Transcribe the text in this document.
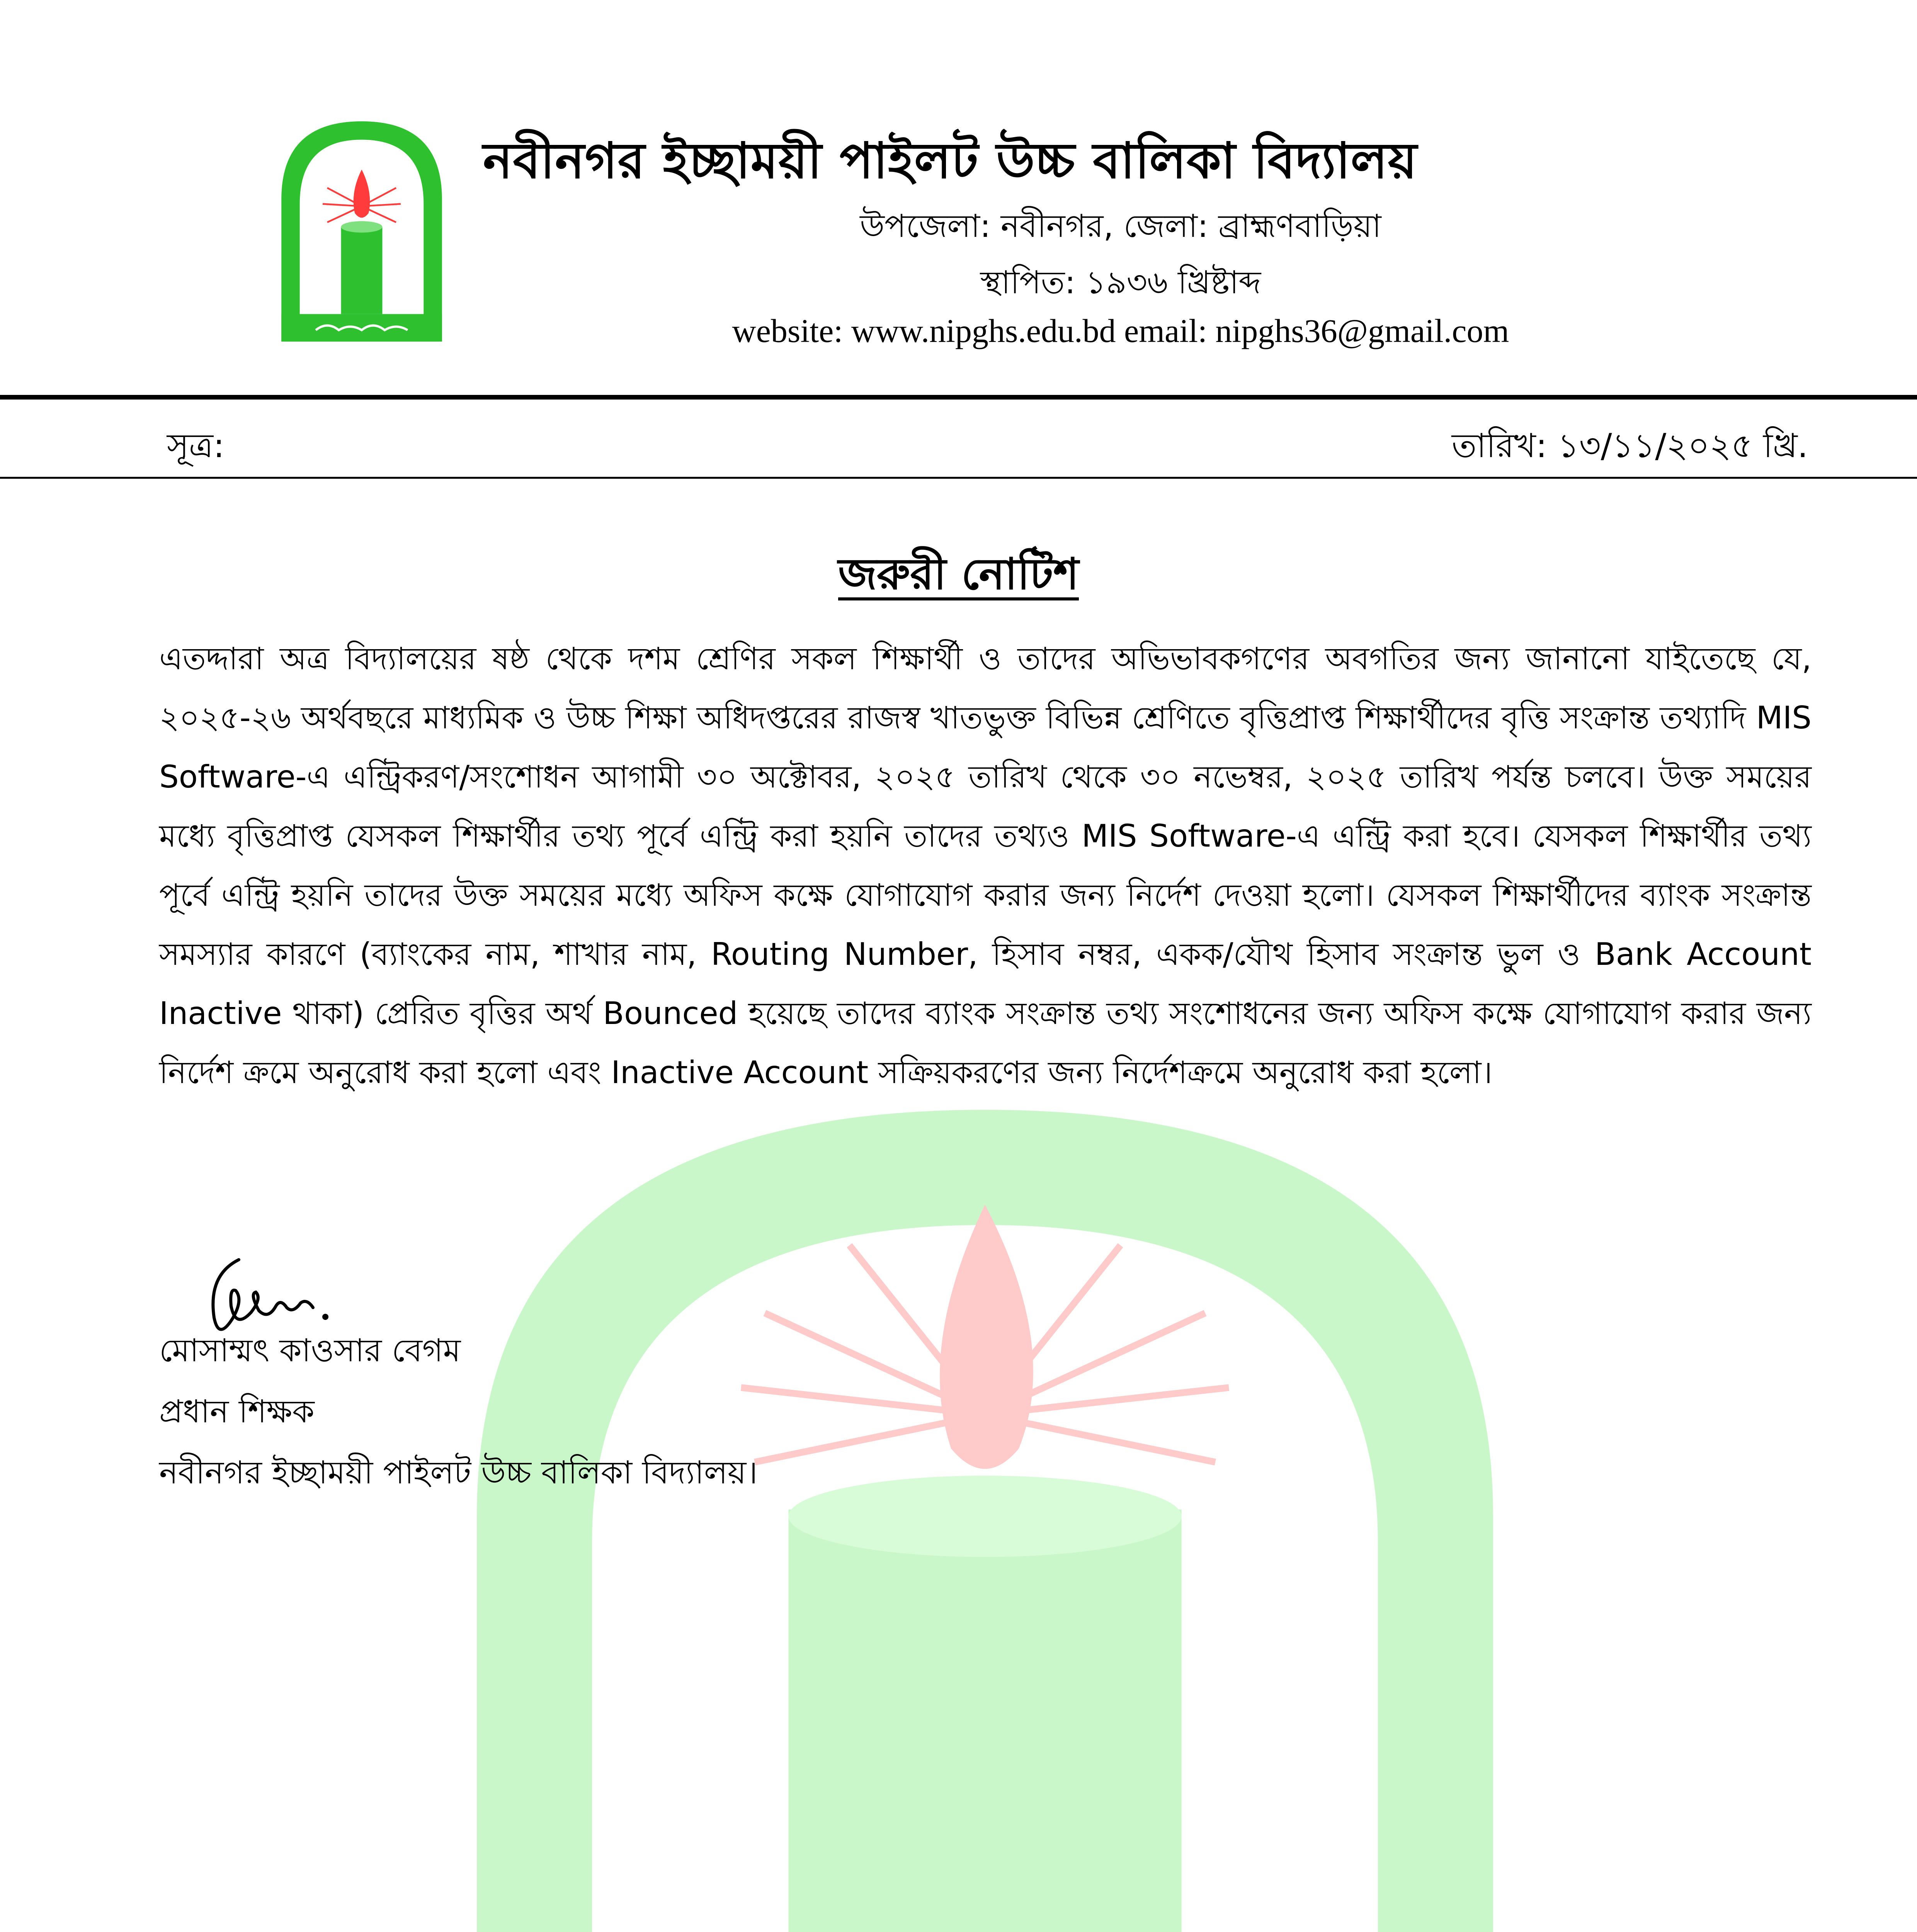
নবীনগর ইচ্ছাময়ী পাইলট উচ্চ বালিকা বিদ্যালয়
উপজেলা: নবীনগর, জেলা: ব্রাহ্মণবাড়িয়া
স্থাপিত: ১৯৩৬ খ্রিষ্টাব্দ
website: www.nipghs.edu.bd email: nipghs36@gmail.com
সূত্র:	তারিখ: ১৩/১১/২০২৫ খ্রি.
জরুরী নোটিশ
এতদ্দারা অত্র বিদ্যালয়ের ষষ্ঠ থেকে দশম শ্রেণির সকল শিক্ষার্থী ও তাদের অভিভাবকগণের অবগতির জন্য জানানো যাইতেছে যে, ২০২৫-২৬ অর্থবছরে মাধ্যমিক ও উচ্চ শিক্ষা অধিদপ্তরের রাজস্ব খাতভুক্ত বিভিন্ন শ্রেণিতে বৃত্তিপ্রাপ্ত শিক্ষার্থীদের বৃত্তি সংক্রান্ত তথ্যাদি MIS Software-এ এন্ট্রিকরণ/সংশোধন আগামী ৩০ অক্টোবর, ২০২৫ তারিখ থেকে ৩০ নভেম্বর, ২০২৫ তারিখ পর্যন্ত চলবে। উক্ত সময়ের মধ্যে বৃত্তিপ্রাপ্ত যেসকল শিক্ষার্থীর তথ্য পূর্বে এন্ট্রি করা হয়নি তাদের তথ্যও MIS Software-এ এন্ট্রি করা হবে। যেসকল শিক্ষার্থীর তথ্য পূর্বে এন্ট্রি হয়নি তাদের উক্ত সময়ের মধ্যে অফিস কক্ষে যোগাযোগ করার জন্য নির্দেশ দেওয়া হলো। যেসকল শিক্ষার্থীদের ব্যাংক সংক্রান্ত সমস্যার কারণে (ব্যাংকের নাম, শাখার নাম, Routing Number, হিসাব নম্বর, একক/যৌথ হিসাব সংক্রান্ত ভুল ও Bank Account Inactive থাকা) প্রেরিত বৃত্তির অর্থ Bounced হয়েছে তাদের ব্যাংক সংক্রান্ত তথ্য সংশোধনের জন্য অফিস কক্ষে যোগাযোগ করার জন্য নির্দেশ ক্রমে অনুরোধ করা হলো এবং Inactive Account সক্রিয়করণের জন্য নির্দেশক্রমে অনুরোধ করা হলো।
মোসাম্মৎ কাওসার বেগম
প্রধান শিক্ষক
নবীনগর ইচ্ছাময়ী পাইলট উচ্চ বালিকা বিদ্যালয়।
